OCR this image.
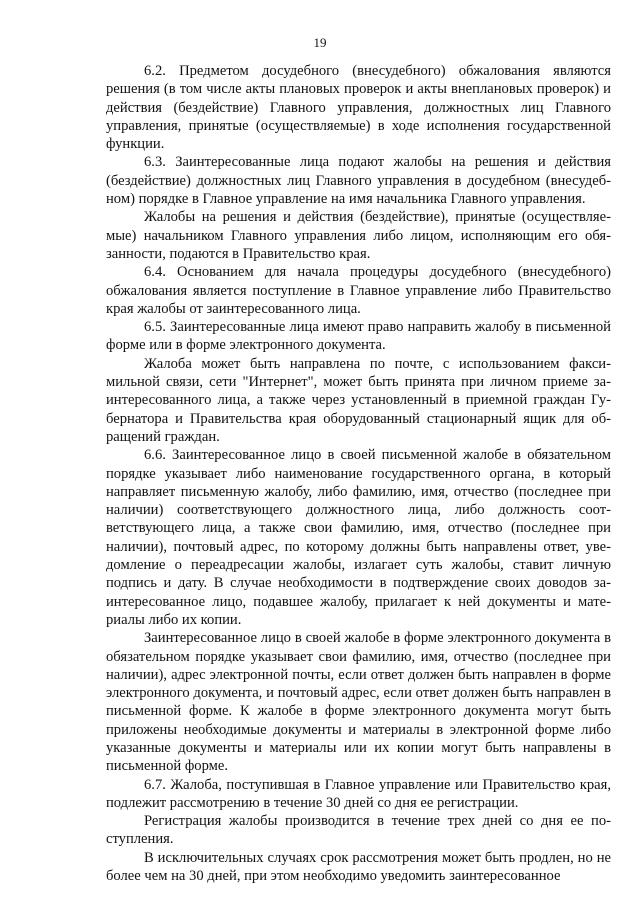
19

6.2. Предметом досудебного (внесудебного) обжалования являются решения (в том числе акты плановых проверок и акты внеплановых проверок) и действия (бездействие) Главного управления, должностных лиц Главного управления, принятые (осуществляемые) в ходе исполнения государственной функции.

6.3. Заинтересованные лица подают жалобы на решения и действия (бездействие) должностных лиц Главного управления в досудебном (внесудебном) порядке в Главное управление на имя начальника Главного управления.

Жалобы на решения и действия (бездействие), принятые (осуществляемые) начальником Главного управления либо лицом, исполняющим его обязанности, подаются в Правительство края.

6.4. Основанием для начала процедуры досудебного (внесудебного) обжалования является поступление в Главное управление либо Правительство края жалобы от заинтересованного лица.

6.5. Заинтересованные лица имеют право направить жалобу в письменной форме или в форме электронного документа.

Жалоба может быть направлена по почте, с использованием факсимильной связи, сети "Интернет", может быть принята при личном приеме заинтересованного лица, а также через установленный в приемной граждан Губернатора и Правительства края оборудованный стационарный ящик для обращений граждан.

6.6. Заинтересованное лицо в своей письменной жалобе в обязательном порядке указывает либо наименование государственного органа, в который направляет письменную жалобу, либо фамилию, имя, отчество (последнее при наличии) соответствующего должностного лица, либо должность соответствующего лица, а также свои фамилию, имя, отчество (последнее при наличии), почтовый адрес, по которому должны быть направлены ответ, уведомление о переадресации жалобы, излагает суть жалобы, ставит личную подпись и дату. В случае необходимости в подтверждение своих доводов заинтересованное лицо, подавшее жалобу, прилагает к ней документы и материалы либо их копии.

Заинтересованное лицо в своей жалобе в форме электронного документа в обязательном порядке указывает свои фамилию, имя, отчество (последнее при наличии), адрес электронной почты, если ответ должен быть направлен в форме электронного документа, и почтовый адрес, если ответ должен быть направлен в письменной форме. К жалобе в форме электронного документа могут быть приложены необходимые документы и материалы в электронной форме либо указанные документы и материалы или их копии могут быть направлены в письменной форме.

6.7. Жалоба, поступившая в Главное управление или Правительство края, подлежит рассмотрению в течение 30 дней со дня ее регистрации.

Регистрация жалобы производится в течение трех дней со дня ее поступления.

В исключительных случаях срок рассмотрения может быть продлен, но не более чем на 30 дней, при этом необходимо уведомить заинтересованное
